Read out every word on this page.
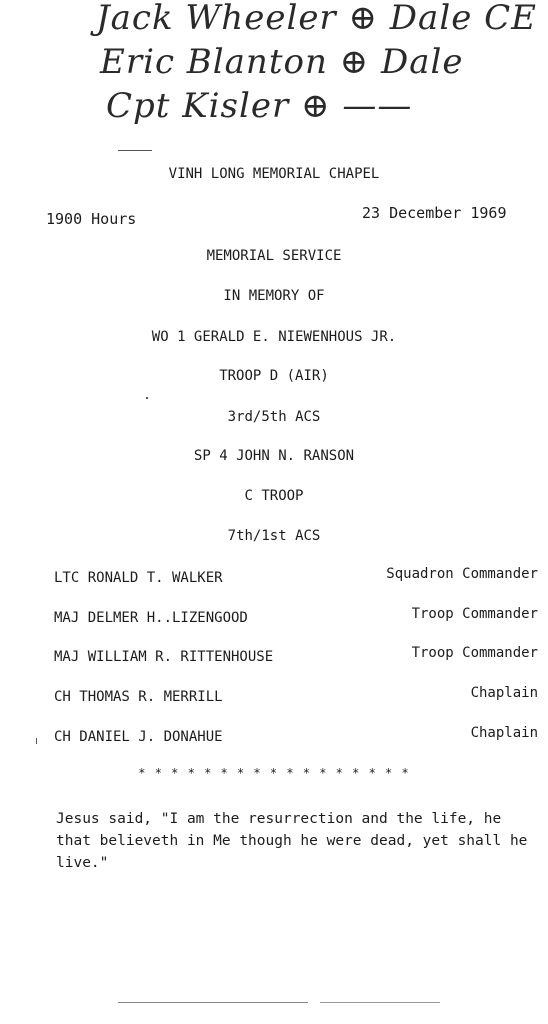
Jack Wheeler ⊕ Dale CE
Eric Blanton ⊕ Dale
Cpt Kisler ⊕ ——
VINH LONG MEMORIAL CHAPEL
1900 Hours	23 December 1969
MEMORIAL SERVICE
IN MEMORY OF
WO 1 GERALD E. NIEWENHOUS JR.
TROOP D (AIR)
3rd/5th ACS
SP 4 JOHN N. RANSON
C TROOP
7th/1st ACS
LTC RONALD T. WALKER	Squadron Commander
MAJ DELMER H..LIZENGOOD	Troop Commander
MAJ WILLIAM R. RITTENHOUSE	Troop Commander
CH THOMAS R. MERRILL	Chaplain
CH DANIEL J. DONAHUE	Chaplain
* * * * * * * * * * * * * * * * *
Jesus said, "I am the resurrection and the life, he that believeth in Me though he were dead, yet shall he live."
